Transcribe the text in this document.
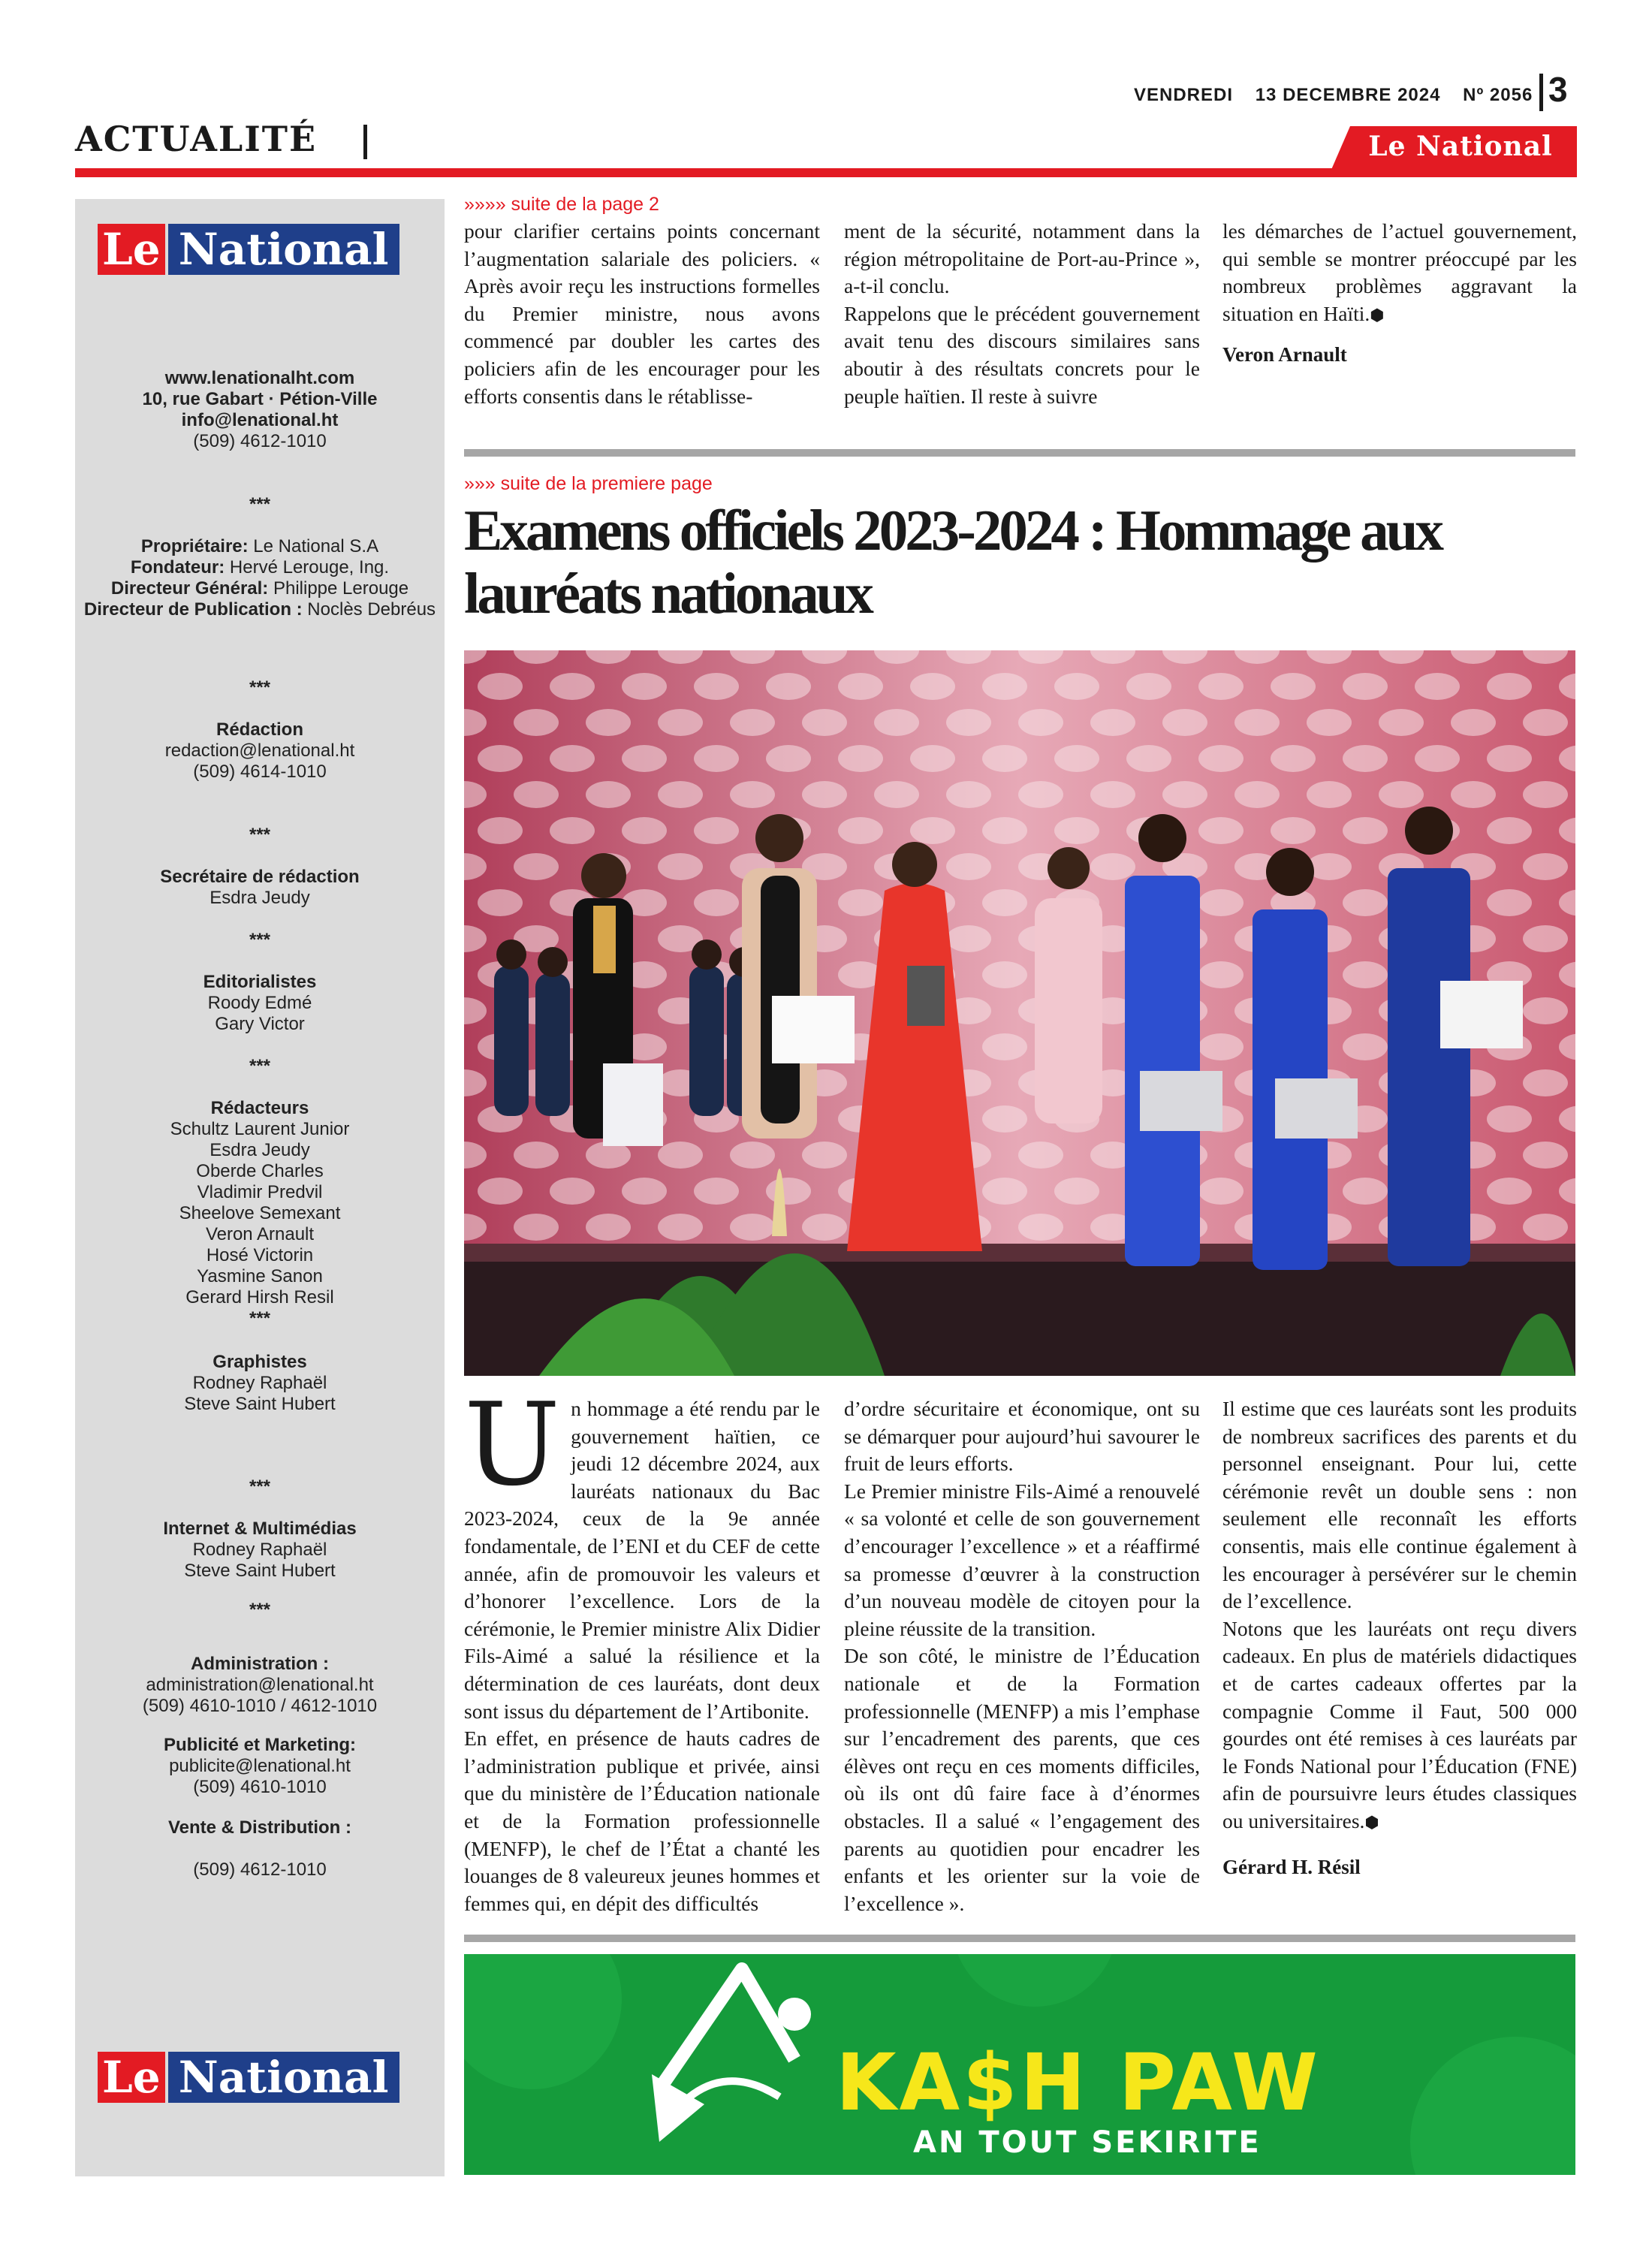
ACTUALITÉ
VENDREDI 13 DECEMBRE 2024 Nº 2056 3
Le National
Le National
www.lenationalht.com
10, rue Gabart · Pétion-Ville
info@lenational.ht
(509) 4612-1010
***
Propriétaire: Le National S.A
Fondateur: Hervé Lerouge, Ing.
Directeur Général: Philippe Lerouge
Directeur de Publication : Noclès Debréus
***
Rédaction
redaction@lenational.ht
(509) 4614-1010
***
Secrétaire de rédaction
Esdra Jeudy
***
Editorialistes
Roody Edmé
Gary Victor
***
Rédacteurs
Schultz Laurent Junior
Esdra Jeudy
Oberde Charles
Vladimir Predvil
Sheelove Semexant
Veron Arnault
Hosé Victorin
Yasmine Sanon
Gerard Hirsh Resil
***
Graphistes
Rodney Raphaël
Steve Saint Hubert
***
Internet & Multimédias
Rodney Raphaël
Steve Saint Hubert
***
Administration :
administration@lenational.ht
(509) 4610-1010 / 4612-1010
Publicité et Marketing:
publicite@lenational.ht
(509) 4610-1010
Vente & Distribution :
(509) 4612-1010
Le National
»»»» suite de la page 2

pour clarifier certains points concernant l’augmentation salariale des policiers. « Après avoir reçu les instructions formelles du Premier ministre, nous avons commencé par doubler les cartes des policiers afin de les encourager pour les efforts consentis dans le rétablisse-

ment de la sécurité, notamment dans la région métropolitaine de Port-au-Prince », a-t-il conclu.

Rappelons que le précédent gouvernement avait tenu des discours similaires sans aboutir à des résultats concrets pour le peuple haïtien. Il reste à suivre

les démarches de l’actuel gouvernement, qui semble se montrer préoccupé par les nombreux problèmes aggravant la situation en Haïti.⬢

Veron Arnault
»»» suite de la premiere page
Examens officiels 2023-2024 : Hommage aux lauréats nationaux

Un hommage a été rendu par le gouvernement haïtien, ce jeudi 12 décembre 2024, aux lauréats nationaux du Bac 2023-2024, ceux de la 9e année fondamentale, de l’ENI et du CEF de cette année, afin de promouvoir les valeurs et d’honorer l’excellence. Lors de la cérémonie, le Premier ministre Alix Didier Fils-Aimé a salué la résilience et la détermination de ces lauréats, dont deux sont issus du département de l’Artibonite.

En effet, en présence de hauts cadres de l’administration publique et privée, ainsi que du ministère de l’Éducation nationale et de la Formation professionnelle (MENFP), le chef de l’État a chanté les louanges de 8 valeureux jeunes hommes et femmes qui, en dépit des difficultés

d’ordre sécuritaire et économique, ont su se démarquer pour aujourd’hui savourer le fruit de leurs efforts.

Le Premier ministre Fils-Aimé a renouvelé « sa volonté et celle de son gouvernement d’encourager l’excellence » et a réaffirmé sa promesse d’œuvrer à la construction d’un nouveau modèle de citoyen pour la pleine réussite de la transition.

De son côté, le ministre de l’Éducation nationale et de la Formation professionnelle (MENFP) a mis l’emphase sur l’encadrement des parents, que ces élèves ont reçu en ces moments difficiles, où ils ont dû faire face à d’énormes obstacles. Il a salué « l’engagement des parents au quotidien pour encadrer les enfants et les orienter sur la voie de l’excellence ».

Il estime que ces lauréats sont les produits de nombreux sacrifices des parents et du personnel enseignant. Pour lui, cette cérémonie revêt un double sens : non seulement elle reconnaît les efforts consentis, mais elle continue également à les encourager à persévérer sur le chemin de l’excellence.

Notons que les lauréats ont reçu divers cadeaux. En plus de matériels didactiques et de cartes cadeaux offertes par la compagnie Comme il Faut, 500 000 gourdes ont été remises à ces lauréats par le Fonds National pour l’Éducation (FNE) afin de poursuivre leurs études classiques ou universitaires.⬢

Gérard H. Résil
KA$H PAW
AN TOUT SEKIRITE
